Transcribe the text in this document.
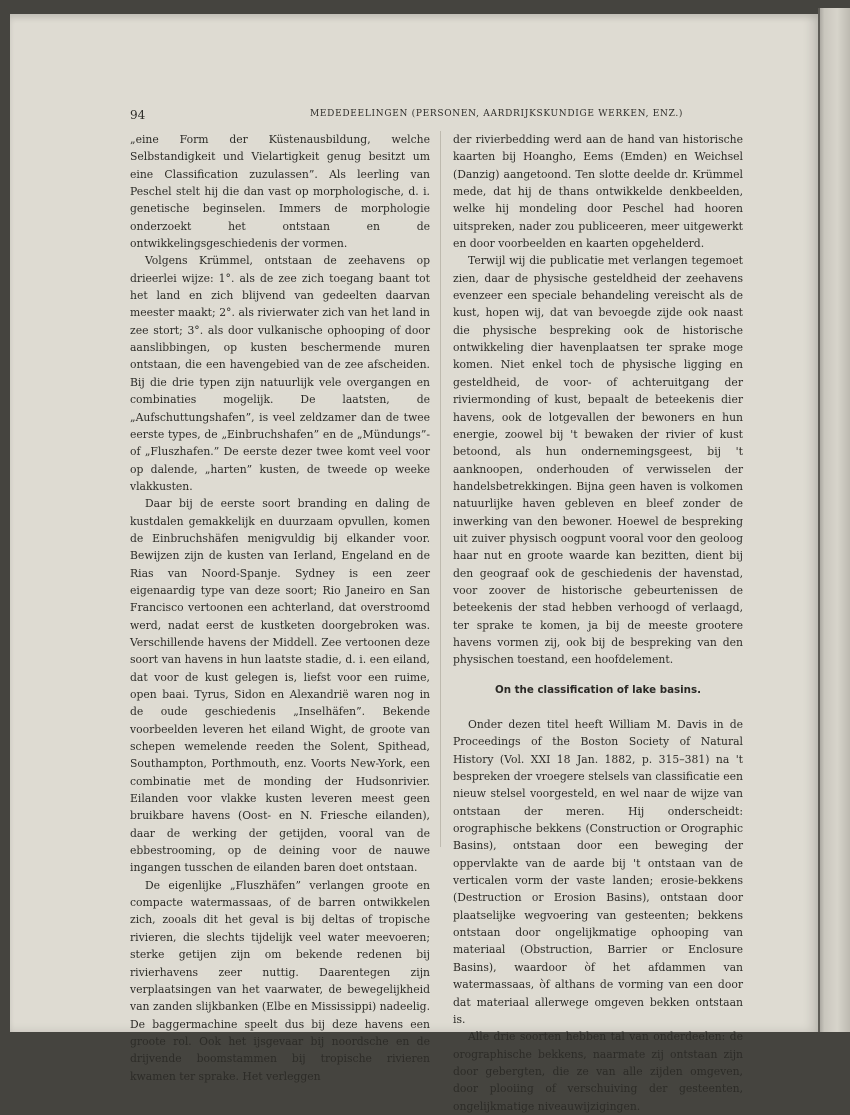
94	MEDEDEELINGEN (PERSONEN, AARDRIJKSKUNDIGE WERKEN, ENZ.)

„eine Form der Küstenausbildung, welche Selbstandigkeit und Vielartigkeit genug besitzt um eine Classification zuzulassen”. Als leerling van Peschel stelt hij die dan vast op morphologische, d. i. genetische beginselen. Immers de morphologie onderzoekt het ontstaan en de ontwikkelingsgeschiedenis der vormen.

Volgens Krümmel, ontstaan de zeehavens op drieerlei wijze: 1°. als de zee zich toegang baant tot het land en zich blijvend van gedeelten daarvan meester maakt; 2°. als rivierwater zich van het land in zee stort; 3°. als door vulkanische ophooping of door aanslibbingen, op kusten beschermende muren ontstaan, die een havengebied van de zee afscheiden. Bij die drie typen zijn natuurlijk vele overgangen en combinaties mogelijk. De laatsten, de „Aufschuttungshafen”, is veel zeldzamer dan de twee eerste types, de „Einbruchshafen” en de „Mündungs”- of „Fluszhafen.” De eerste dezer twee komt veel voor op dalende, „harten” kusten, de tweede op weeke vlakkusten.

Daar bij de eerste soort branding en daling de kustdalen gemakkelijk en duurzaam opvullen, komen de Einbruchshäfen menigvuldig bij elkander voor. Bewijzen zijn de kusten van Ierland, Engeland en de Rias van Noord-Spanje. Sydney is een zeer eigenaardig type van deze soort; Rio Janeiro en San Francisco vertoonen een achterland, dat overstroomd werd, nadat eerst de kustketen doorgebroken was. Verschillende havens der Middell. Zee vertoonen deze soort van havens in hun laatste stadie, d. i. een eiland, dat voor de kust gelegen is, liefst voor een ruime, open baai. Tyrus, Sidon en Alexandrië waren nog in de oude geschiedenis „Inselhäfen”. Bekende voorbeelden leveren het eiland Wight, de groote van schepen wemelende reeden the Solent, Spithead, Southampton, Porthmouth, enz. Voorts New-York, een combinatie met de monding der Hudsonrivier. Eilanden voor vlakke kusten leveren meest geen bruikbare havens (Oost- en N. Friesche eilanden), daar de werking der getijden, vooral van de ebbestrooming, op de deining voor de nauwe ingangen tusschen de eilanden baren doet ontstaan.

De eigenlijke „Fluszhäfen” verlangen groote en compacte watermassaas, of de barren ontwikkelen zich, zooals dit het geval is bij deltas of tropische rivieren, die slechts tijdelijk veel water meevoeren; sterke getijen zijn om bekende redenen bij rivierhavens zeer nuttig. Daarentegen zijn verplaatsingen van het vaarwater, de bewegelijkheid van zanden slijkbanken (Elbe en Mississippi) nadeelig. De baggermachine speelt dus bij deze havens een groote rol. Ook het ijsgevaar bij noordsche en de drijvende boomstammen bij tropische rivieren kwamen ter sprake. Het verleggen

der rivierbedding werd aan de hand van historische kaarten bij Hoangho, Eems (Emden) en Weichsel (Danzig) aangetoond. Ten slotte deelde dr. Krümmel mede, dat hij de thans ontwikkelde denkbeelden, welke hij mondeling door Peschel had hooren uitspreken, nader zou publiceeren, meer uitgewerkt en door voorbeelden en kaarten opgehelderd.

Terwijl wij die publicatie met verlangen tegemoet zien, daar de physische gesteldheid der zeehavens evenzeer een speciale behandeling vereischt als de kust, hopen wij, dat van bevoegde zijde ook naast die physische bespreking ook de historische ontwikkeling dier havenplaatsen ter sprake moge komen. Niet enkel toch de physische ligging en gesteldheid, de voor- of achteruitgang der riviermonding of kust, bepaalt de beteekenis dier havens, ook de lotgevallen der bewoners en hun energie, zoowel bij 't bewaken der rivier of kust betoond, als hun ondernemingsgeest, bij 't aanknoopen, onderhouden of verwisselen der handelsbetrekkingen. Bijna geen haven is volkomen natuurlijke haven gebleven en bleef zonder de inwerking van den bewoner. Hoewel de bespreking uit zuiver physisch oogpunt vooral voor den geoloog haar nut en groote waarde kan bezitten, dient bij den geograaf ook de geschiedenis der havenstad, voor zoover de historische gebeurtenissen de beteekenis der stad hebben verhoogd of verlaagd, ter sprake te komen, ja bij de meeste grootere havens vormen zij, ook bij de bespreking van den physischen toestand, een hoofdelement.

On the classification of lake basins.

Onder dezen titel heeft William M. Davis in de Proceedings of the Boston Society of Natural History (Vol. XXI 18 Jan. 1882, p. 315–381) na 't bespreken der vroegere stelsels van classificatie een nieuw stelsel voorgesteld, en wel naar de wijze van ontstaan der meren. Hij onderscheidt: orographische bekkens (Construction or Orographic Basins), ontstaan door een beweging der oppervlakte van de aarde bij 't ontstaan van de verticalen vorm der vaste landen; erosie-bekkens (Destruction or Erosion Basins), ontstaan door plaatselijke wegvoering van gesteenten; bekkens ontstaan door ongelijkmatige ophooping van materiaal (Obstruction, Barrier or Enclosure Basins), waardoor òf het afdammen van watermassaas, òf althans de vorming van een door dat materiaal allerwege omgeven bekken ontstaan is.

Alle drie soorten hebben tal van onderdeelen: de orographische bekkens, naarmate zij ontstaan zijn door gebergten, die ze van alle zijden omgeven, door plooiing of verschuiving der gesteenten, ongelijkmatige niveauwijzigingen.
